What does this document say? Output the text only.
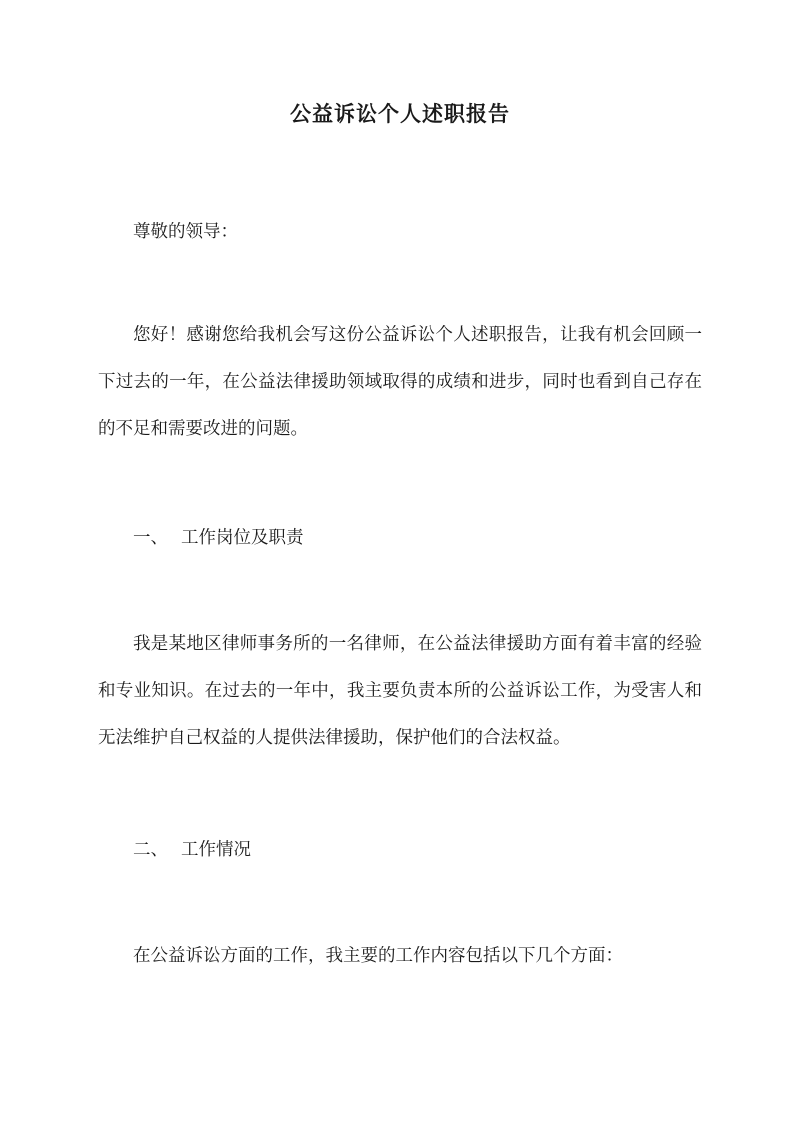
公益诉讼个人述职报告

尊敬的领导：

您好！感谢您给我机会写这份公益诉讼个人述职报告，让我有机会回顾一下过去的一年，在公益法律援助领域取得的成绩和进步，同时也看到自己存在的不足和需要改进的问题。

一、 工作岗位及职责

我是某地区律师事务所的一名律师，在公益法律援助方面有着丰富的经验和专业知识。在过去的一年中，我主要负责本所的公益诉讼工作，为受害人和无法维护自己权益的人提供法律援助，保护他们的合法权益。

二、 工作情况

在公益诉讼方面的工作，我主要的工作内容包括以下几个方面：
